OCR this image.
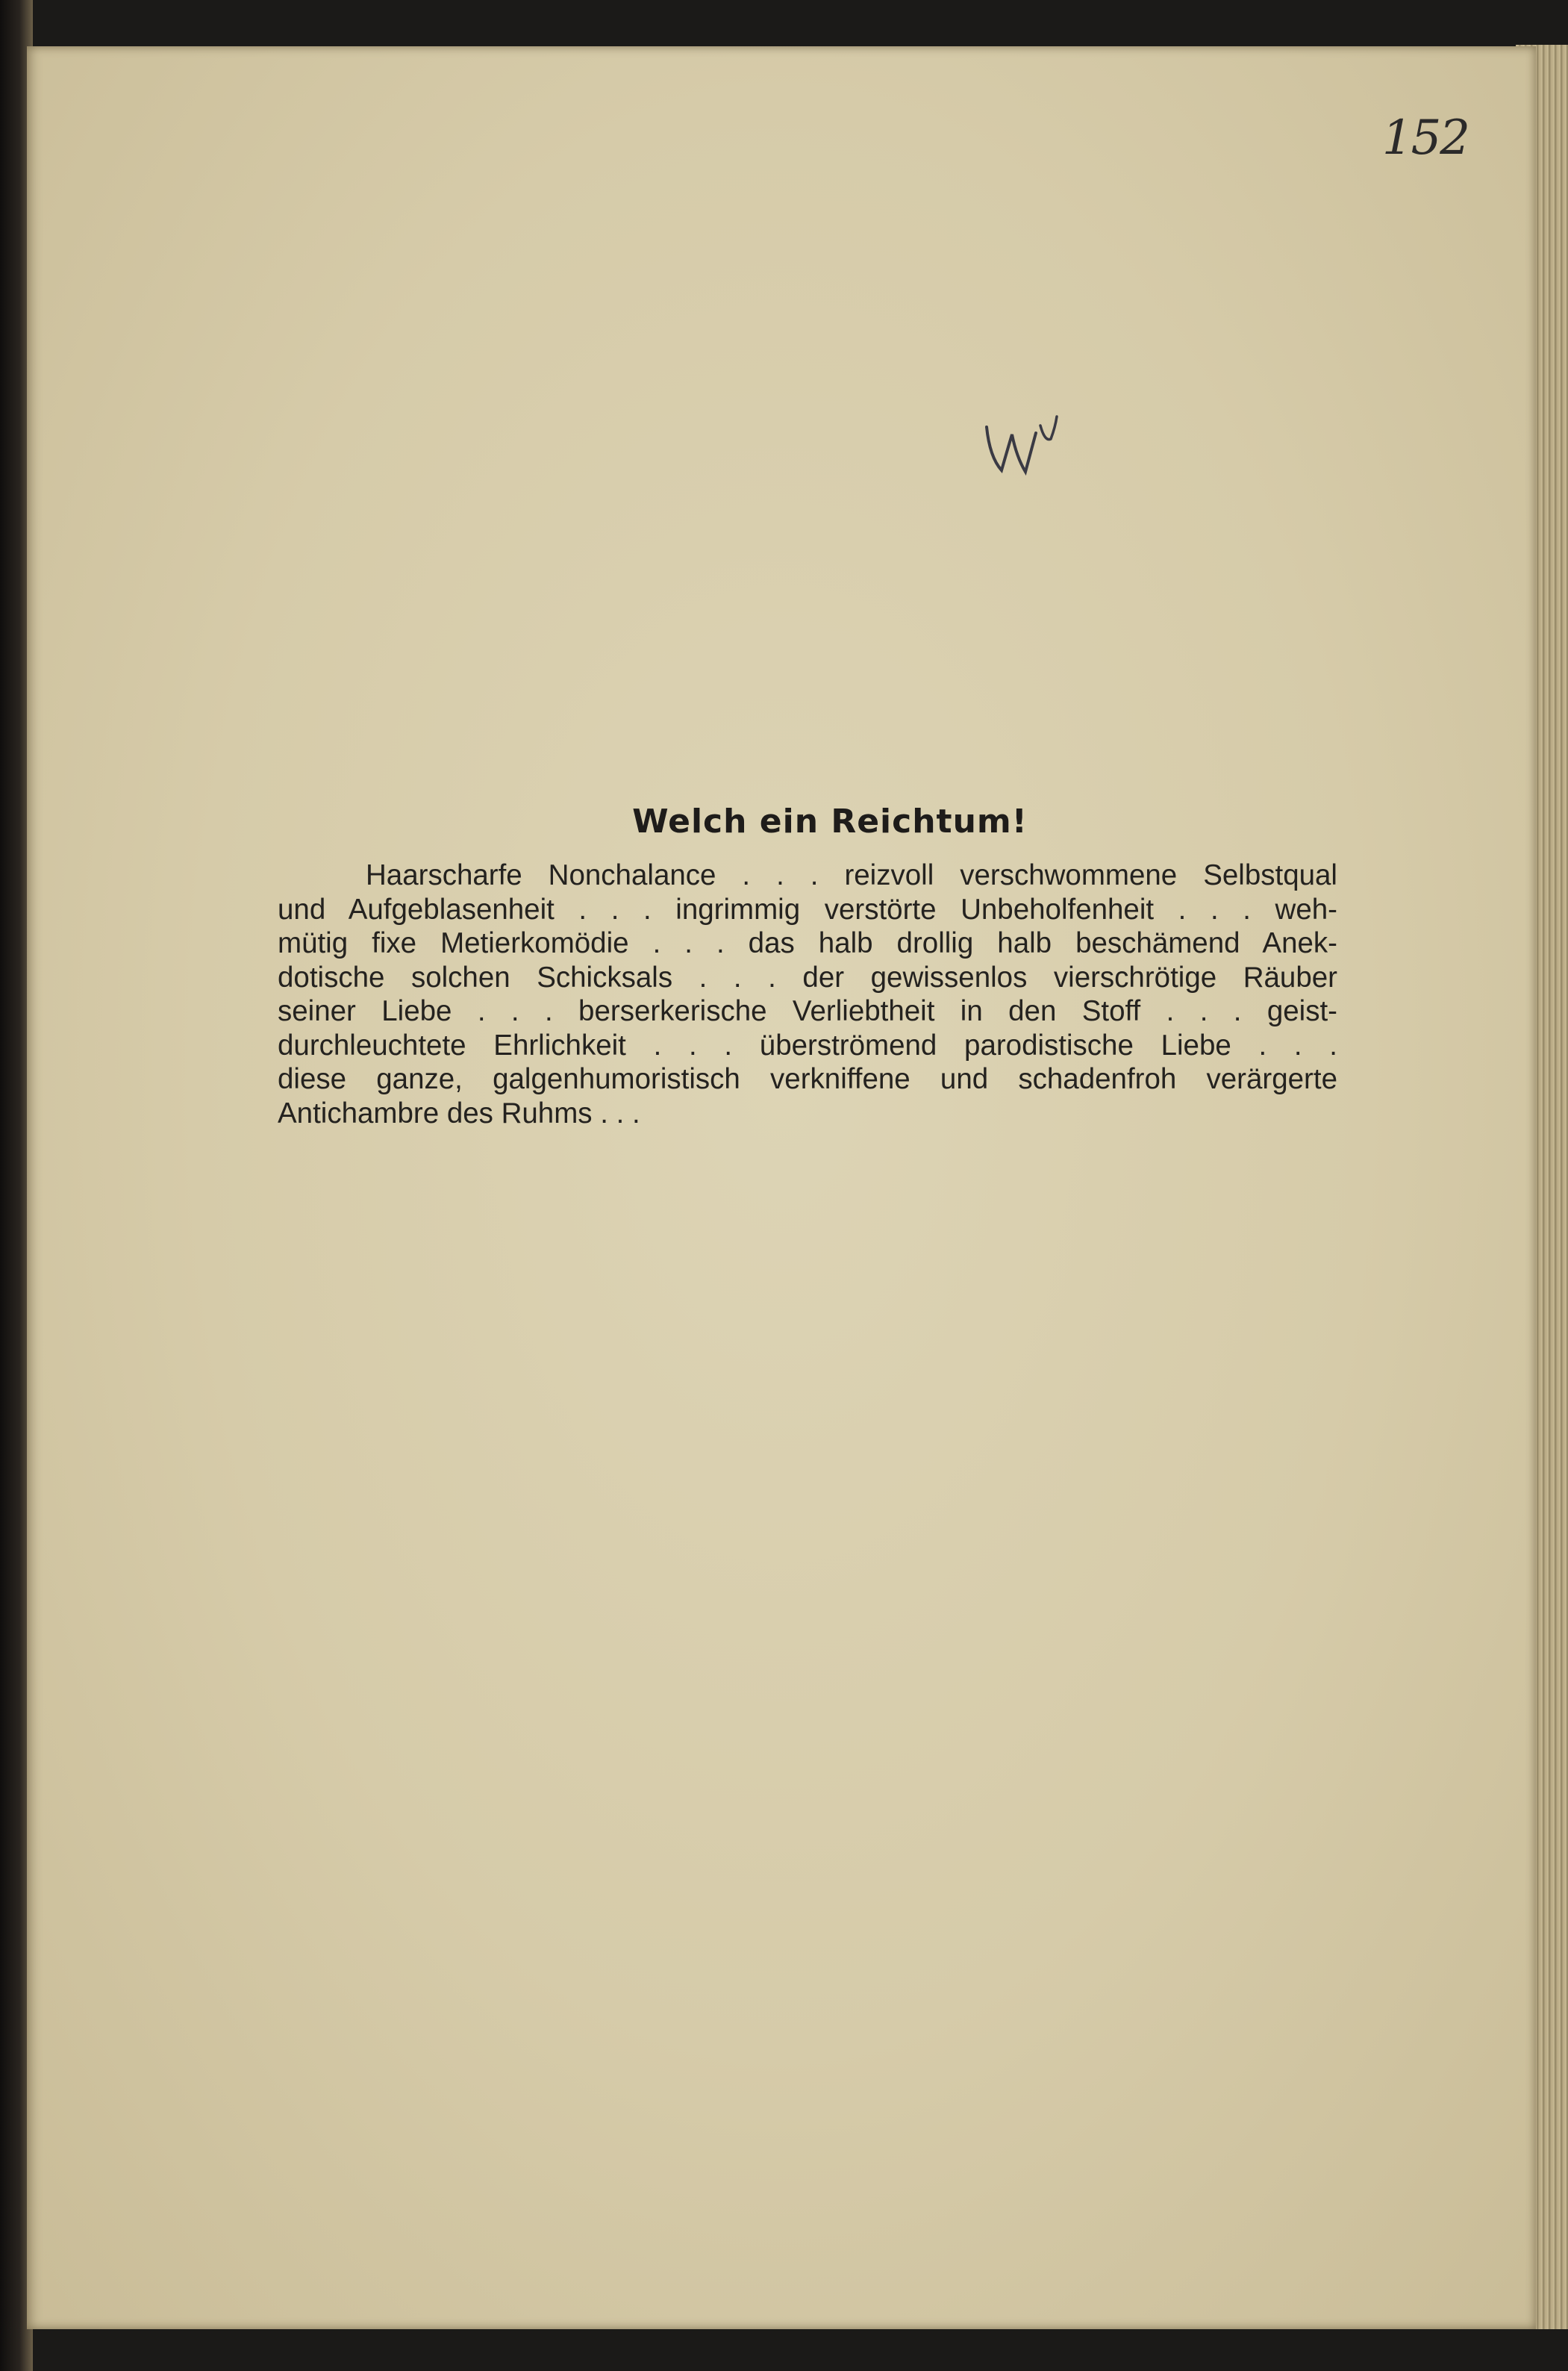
152
Welch ein Reichtum!
Haarscharfe Nonchalance . . . reizvoll verschwommene Selbstqual
und Aufgeblasenheit . . . ingrimmig verstörte Unbeholfenheit . . . weh-
mütig fixe Metierkomödie . . . das halb drollig halb beschämend Anek-
dotische solchen Schicksals . . . der gewissenlos vierschrötige Räuber
seiner Liebe . . . berserkerische Verliebtheit in den Stoff . . . geist-
durchleuchtete Ehrlichkeit . . . überströmend parodistische Liebe . . .
diese ganze, galgenhumoristisch verkniffene und schadenfroh verärgerte
Antichambre des Ruhms . . .
